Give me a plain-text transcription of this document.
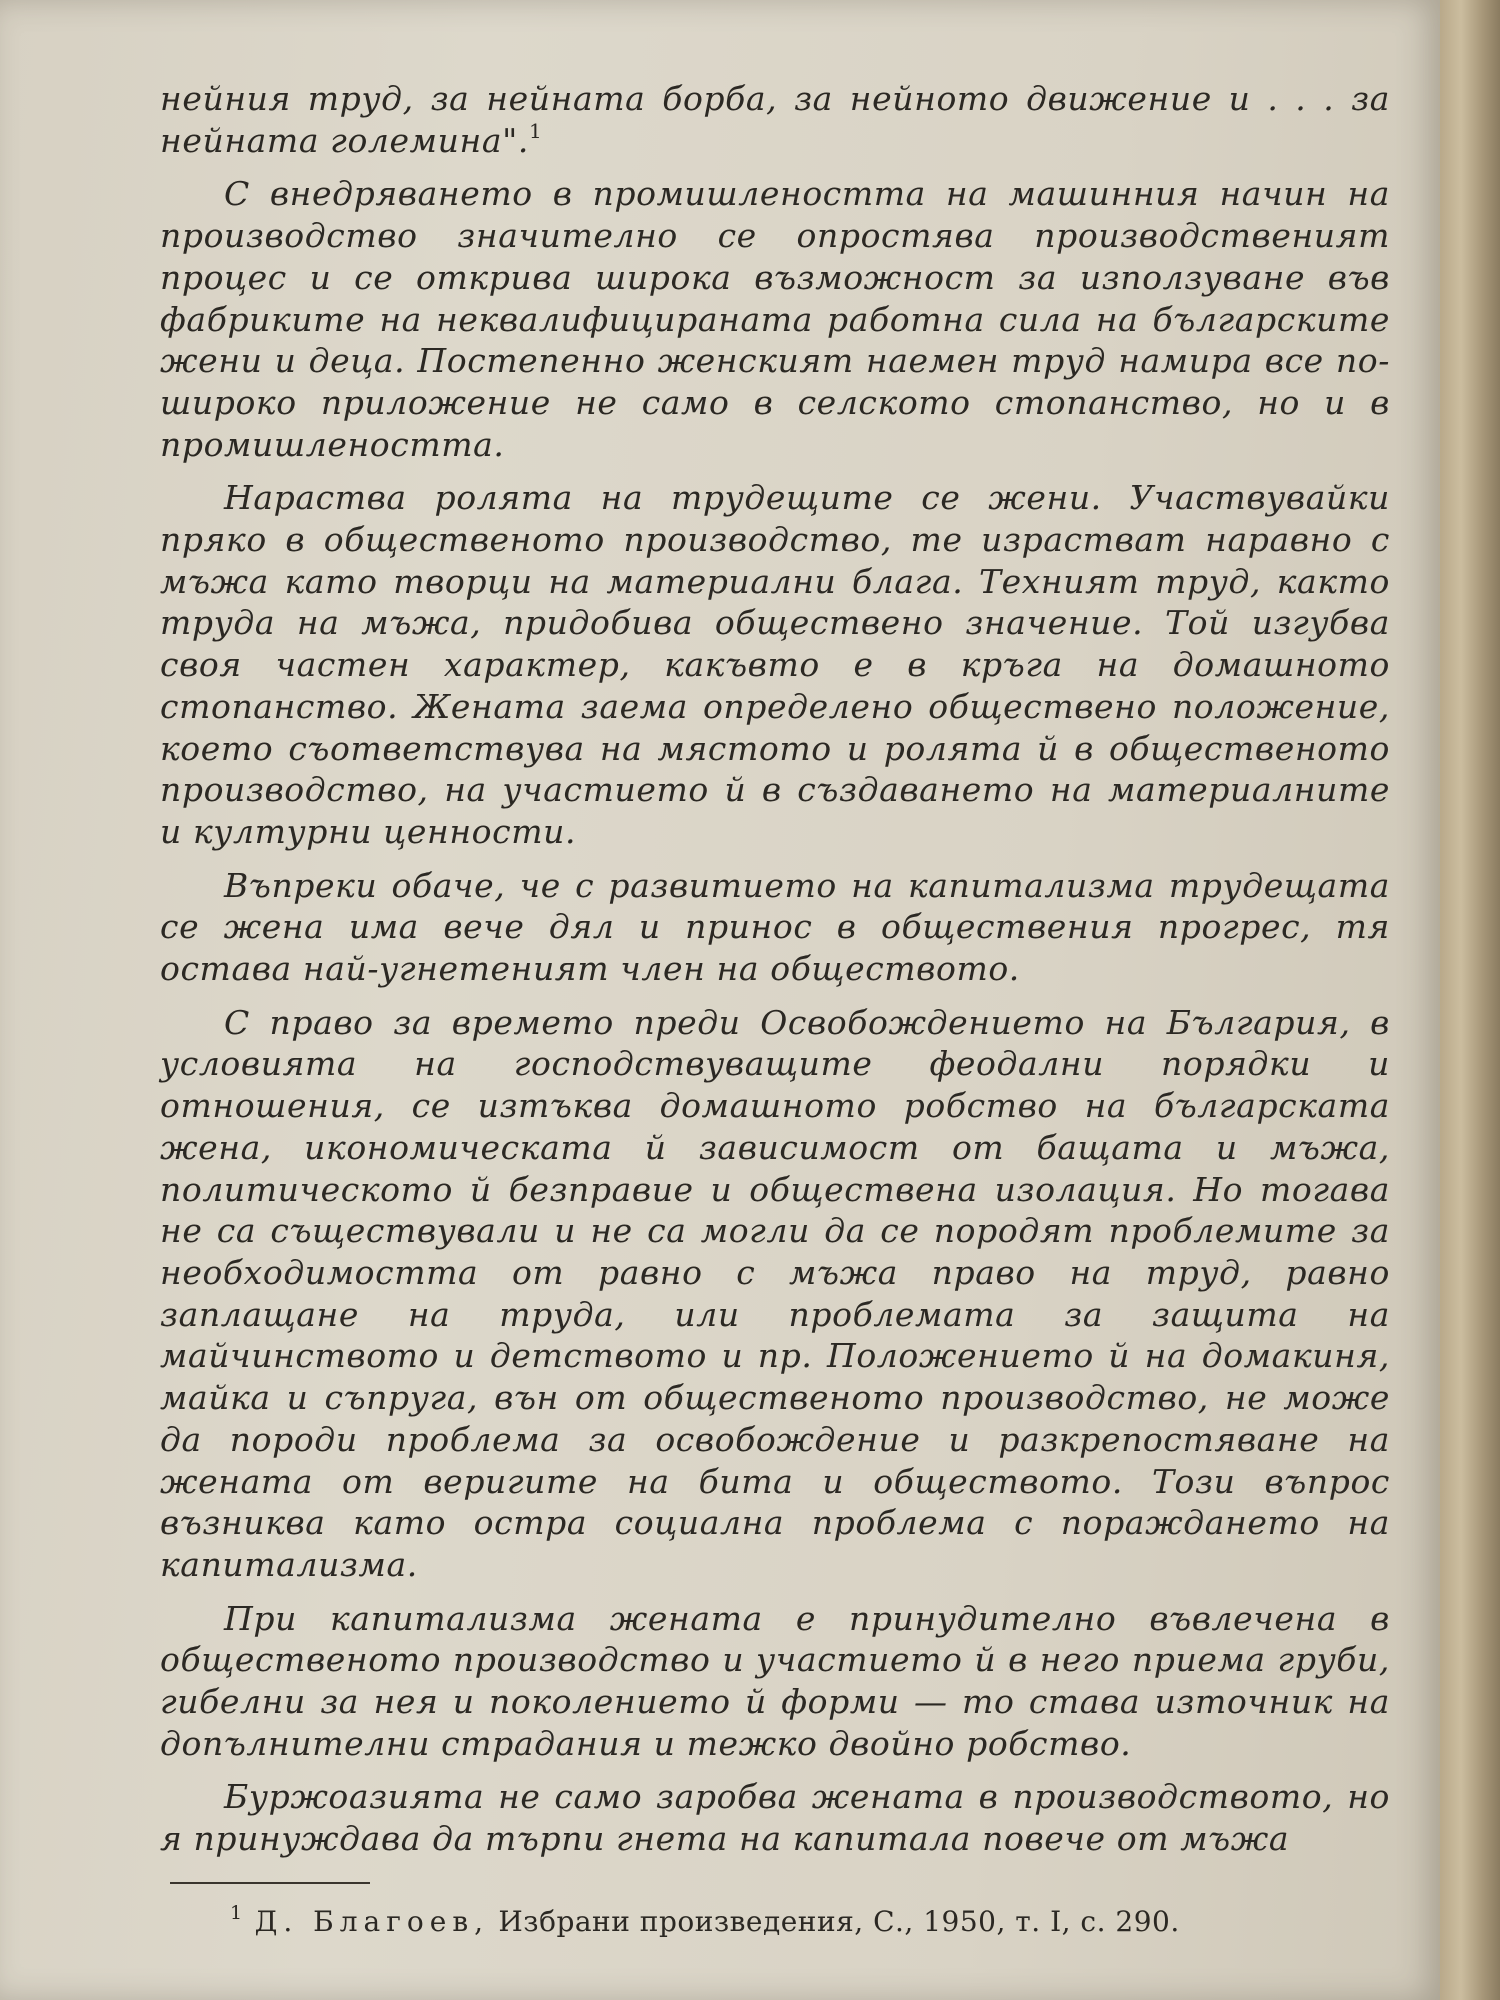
нейния труд, за нейната борба, за нейното движение и . . . за нейната големина".$^1$

С внедряването в промишлеността на машинния начин на производство значително се опростява производственият процес и се открива широка възможност за използуване във фабриките на неквалифицираната работна сила на българските жени и деца. Постепенно женският наемен труд намира все по-широко приложение не само в селското стопанство, но и в промишлеността.

Нараства ролята на трудещите се жени. Участвувайки пряко в общественото производство, те израстват наравно с мъжа като творци на материални блага. Техният труд, както труда на мъжа, придобива обществено значение. Той изгубва своя частен характер, какъвто е в кръга на домашното стопанство. Жената заема определено обществено положение, което съответствува на мястото и ролята й в общественото производство, на участието й в създаването на материалните и културни ценности.

Въпреки обаче, че с развитието на капитализма трудещата се жена има вече дял и принос в обществения прогрес, тя остава най-угнетеният член на обществото.

С право за времето преди Освобождението на България, в условията на господствуващите феодални порядки и отношения, се изтъква домашното робство на българската жена, икономическата й зависимост от бащата и мъжа, политическото й безправие и обществена изолация. Но тогава не са съществували и не са могли да се породят проблемите за необходимостта от равно с мъжа право на труд, равно заплащане на труда, или проблемата за защита на майчинството и детството и пр. Положението й на домакиня, майка и съпруга, вън от общественото производство, не може да породи проблема за освобождение и разкрепостяване на жената от веригите на бита и обществото. Този въпрос възниква като остра социална проблема с пораждането на капитализма.

При капитализма жената е принудително въвлечена в общественото производство и участието й в него приема груби, гибелни за нея и поколението й форми — то става източник на допълнителни страдания и тежко двойно робство.

Буржоазията не само заробва жената в производството, но я принуждава да търпи гнета на капитала повече от мъжа

$^1$ Д. Благоев, Избрани произведения, С., 1950, т. I, с. 290.
